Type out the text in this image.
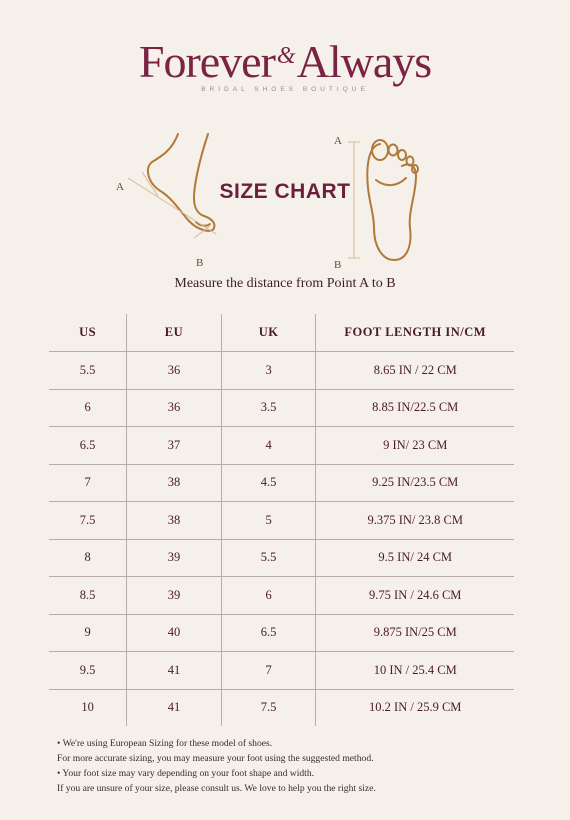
Forever&Always
BRIDAL SHOES BOUTIQUE
A
B
A
B
SIZE CHART
Measure the distance from Point A to B
US	EU	UK	FOOT LENGTH IN/CM
5.5	36	3	8.65 IN / 22 CM
6	36	3.5	8.85 IN/22.5 CM
6.5	37	4	9 IN/ 23 CM
7	38	4.5	9.25 IN/23.5 CM
7.5	38	5	9.375 IN/ 23.8 CM
8	39	5.5	9.5 IN/ 24 CM
8.5	39	6	9.75 IN / 24.6 CM
9	40	6.5	9.875 IN/25 CM
9.5	41	7	10 IN / 25.4 CM
10	41	7.5	10.2 IN / 25.9 CM
• We're using European Sizing for these model of shoes.
For more accurate sizing, you may measure your foot using the suggested method.
• Your foot size may vary depending on your foot shape and width.
If you are unsure of your size, please consult us. We love to help you the right size.
